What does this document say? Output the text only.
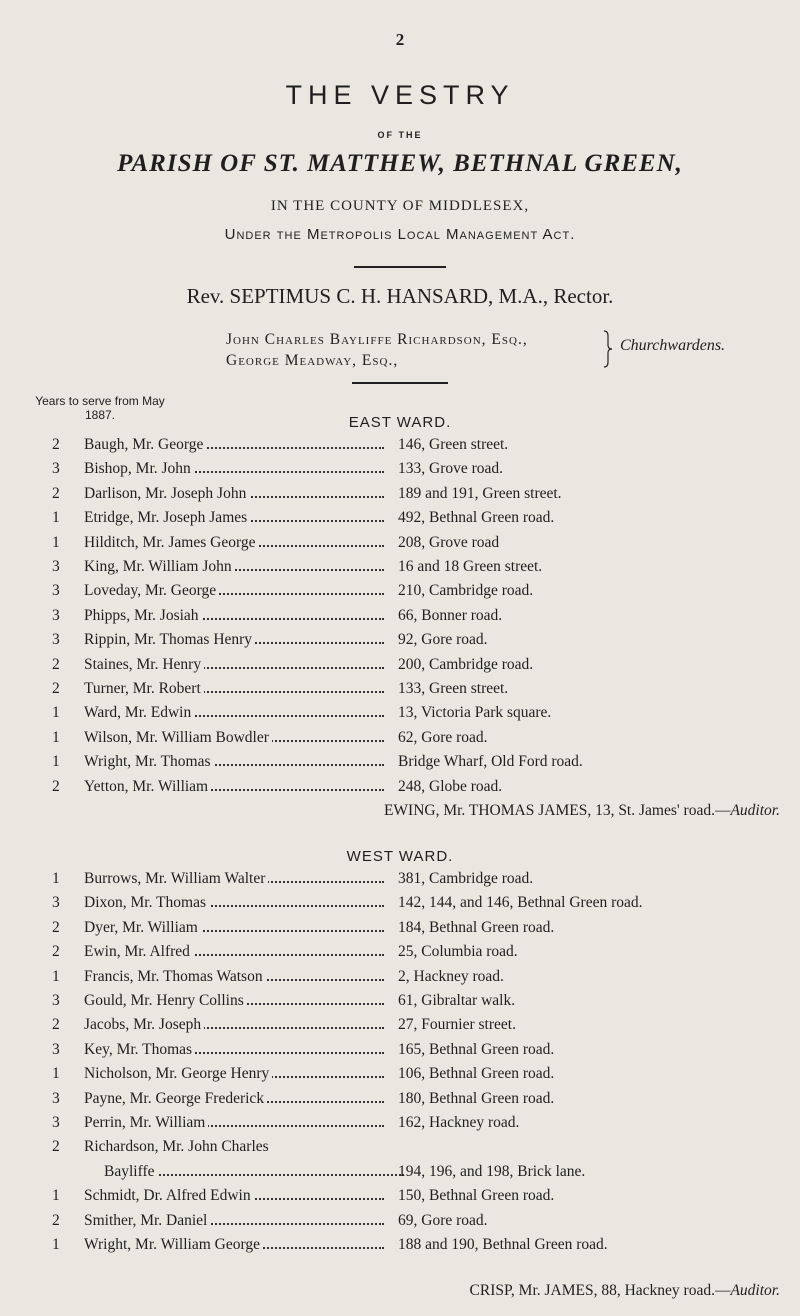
2
THE VESTRY
OF THE
PARISH OF ST. MATTHEW, BETHNAL GREEN,
IN THE COUNTY OF MIDDLESEX,
Under the Metropolis Local Management Act.
Rev. SEPTIMUS C. H. HANSARD, M.A., Rector.
John Charles Bayliffe Richardson, Esq.,
George Meadway, Esq.,
Churchwardens.
Years to serve from May 1887.	EAST WARD.
2	Baugh, Mr. George	146, Green street.
3	Bishop, Mr. John	133, Grove road.
2	Darlison, Mr. Joseph John	189 and 191, Green street.
1	Etridge, Mr. Joseph James	492, Bethnal Green road.
1	Hilditch, Mr. James George	208, Grove road
3	King, Mr. William John	16 and 18 Green street.
3	Loveday, Mr. George	210, Cambridge road.
3	Phipps, Mr. Josiah	66, Bonner road.
3	Rippin, Mr. Thomas Henry	92, Gore road.
2	Staines, Mr. Henry	200, Cambridge road.
2	Turner, Mr. Robert	133, Green street.
1	Ward, Mr. Edwin	13, Victoria Park square.
1	Wilson, Mr. William Bowdler	62, Gore road.
1	Wright, Mr. Thomas	Bridge Wharf, Old Ford road.
2	Yetton, Mr. William	248, Globe road.
EWING, Mr. THOMAS JAMES, 13, St. James' road.—Auditor.
WEST WARD.
1	Burrows, Mr. William Walter	381, Cambridge road.
3	Dixon, Mr. Thomas	142, 144, and 146, Bethnal Green road.
2	Dyer, Mr. William	184, Bethnal Green road.
2	Ewin, Mr. Alfred	25, Columbia road.
1	Francis, Mr. Thomas Watson	2, Hackney road.
3	Gould, Mr. Henry Collins	61, Gibraltar walk.
2	Jacobs, Mr. Joseph	27, Fournier street.
3	Key, Mr. Thomas	165, Bethnal Green road.
1	Nicholson, Mr. George Henry	106, Bethnal Green road.
3	Payne, Mr. George Frederick	180, Bethnal Green road.
3	Perrin, Mr. William	162, Hackney road.
2	Richardson, Mr. John Charles
Bayliffe	194, 196, and 198, Brick lane.
1	Schmidt, Dr. Alfred Edwin	150, Bethnal Green road.
2	Smither, Mr. Daniel	69, Gore road.
1	Wright, Mr. William George	188 and 190, Bethnal Green road.
CRISP, Mr. JAMES, 88, Hackney road.—Auditor.
